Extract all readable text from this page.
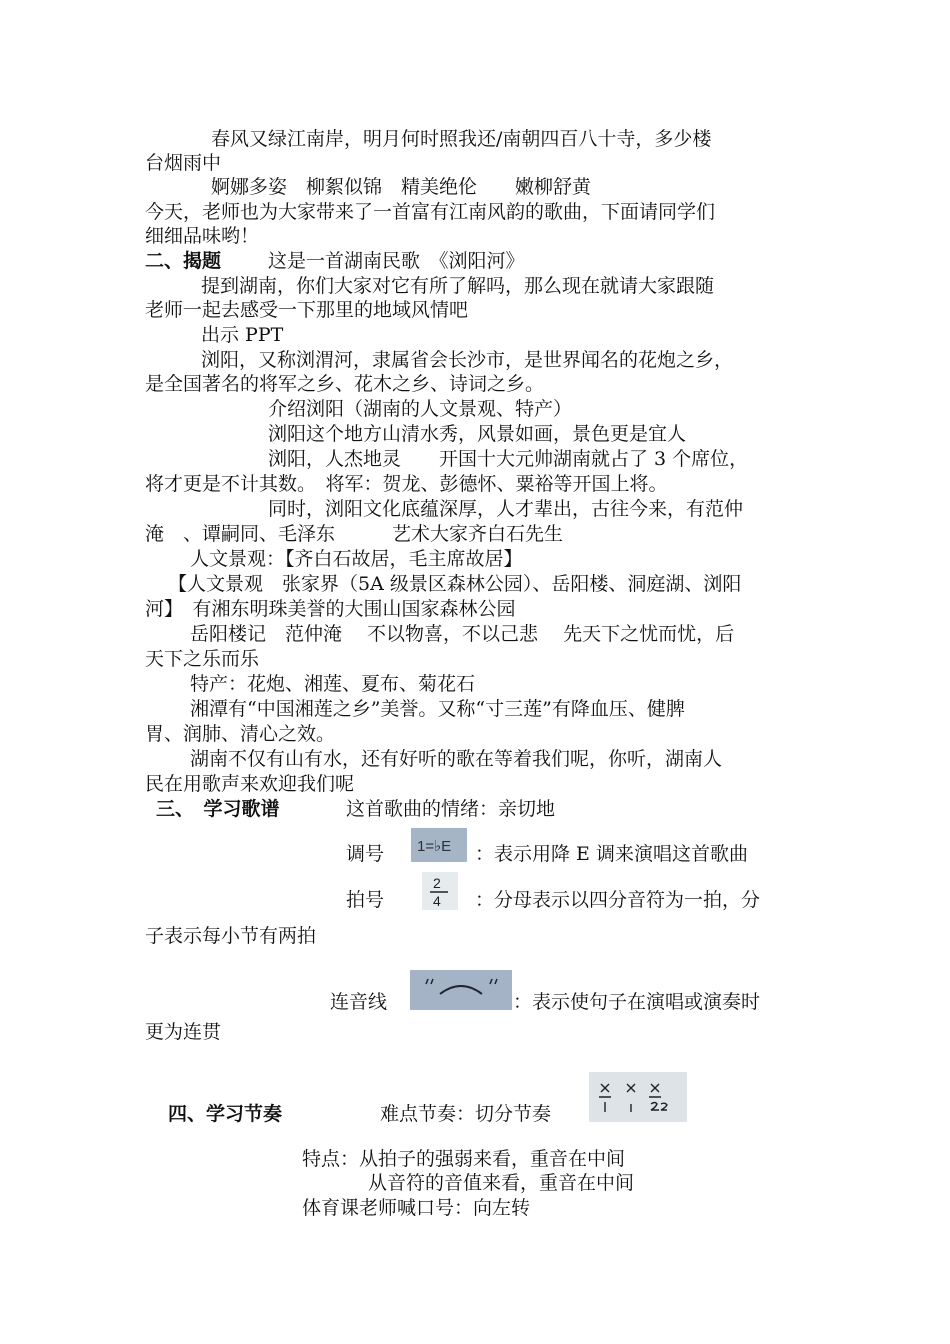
春风又绿江南岸，明月何时照我还/南朝四百八十寺，多少楼
台烟雨中
婀娜多姿　柳絮似锦　精美绝伦　　嫩柳舒黄
今天，老师也为大家带来了一首富有江南风韵的歌曲，下面请同学们
细细品味哟！
二、揭题 这是一首湖南民歌　《浏阳河》
提到湖南，你们大家对它有所了解吗，那么现在就请大家跟随
老师一起去感受一下那里的地域风情吧
出示 PPT
浏阳，又称浏渭河，隶属省会长沙市，是世界闻名的花炮之乡，
是全国著名的将军之乡、花木之乡、诗词之乡。
介绍浏阳（湖南的人文景观、特产）
浏阳这个地方山清水秀，风景如画，景色更是宜人
浏阳，人杰地灵　　开国十大元帅湖南就占了 3 个席位，
将才更是不计其数。　将军：贺龙、彭德怀、粟裕等开国上将。
同时，浏阳文化底蕴深厚，人才辈出，古往今来，有范仲
淹　、谭嗣同、毛泽东　　　艺术大家齐白石先生
人文景观：【齐白石故居，毛主席故居】
【人文景观　张家界（5A 级景区森林公园）、岳阳楼、洞庭湖、浏阳
河】　有湘东明珠美誉的大围山国家森林公园
岳阳楼记　范仲淹　 不以物喜，不以己悲　 先天下之忧而忧，后
天下之乐而乐
特产：花炮、湘莲、夏布、菊花石
湘潭有“中国湘莲之乡”美誉。又称“寸三莲”有降血压、健脾
胃、润肺、清心之效。
湖南不仅有山有水，还有好听的歌在等着我们呢，你听，湖南人
民在用歌声来欢迎我们呢
三、　学习歌谱	这首歌曲的情绪：亲切地
调号 1=♭E ：表示用降 E 调来演唱这首歌曲
拍号
2
4 ：分母表示以四分音符为一拍，分
子表示每小节有两拍
连音线	：表示使句子在演唱或演奏时
更为连贯
四、学习节奏	难点节奏：切分节奏
特点：从拍子的强弱来看，重音在中间
从音符的音值来看，重音在中间
体育课老师喊口号：向左转
